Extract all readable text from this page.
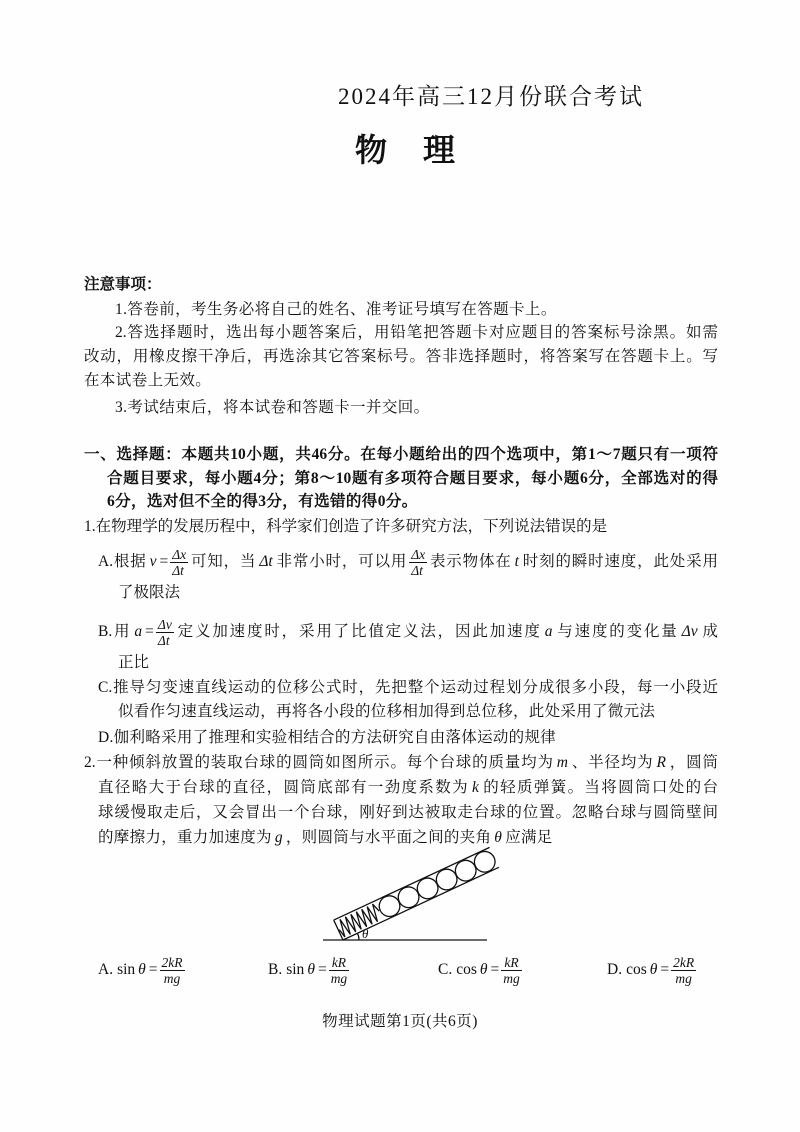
2024年高三12月份联合考试
物理
注意事项：
1.答卷前，考生务必将自己的姓名、准考证号填写在答题卡上。
2.答选择题时，选出每小题答案后，用铅笔把答题卡对应题目的答案标号涂黑。如需
改动，用橡皮擦干净后，再选涂其它答案标号。答非选择题时，将答案写在答题卡上。写
在本试卷上无效。
3.考试结束后，将本试卷和答题卡一并交回。
一、选择题：本题共10小题，共46分。在每小题给出的四个选项中，第1～7题只有一项符
合题目要求，每小题4分；第8～10题有多项符合题目要求，每小题6分，全部选对的得
6分，选对但不全的得3分，有选错的得0分。
1.在物理学的发展历程中，科学家们创造了许多研究方法，下列说法错误的是
A.根据 $v = \frac{\Delta x}{\Delta t}$ 可知，当 Δt 非常小时，可以用 $\frac{\Delta x}{\Delta t}$ 表示物体在 t 时刻的瞬时速度，此处采用
了极限法
B.用 $a = \frac{\Delta v}{\Delta t}$ 定义加速度时，采用了比值定义法，因此加速度 a 与速度的变化量 Δv 成
正比
C.推导匀变速直线运动的位移公式时，先把整个运动过程划分成很多小段，每一小段近
似看作匀速直线运动，再将各小段的位移相加得到总位移，此处采用了微元法
D.伽利略采用了推理和实验相结合的方法研究自由落体运动的规律
2.一种倾斜放置的装取台球的圆筒如图所示。每个台球的质量均为 m 、半径均为 R ，圆筒
直径略大于台球的直径，圆筒底部有一劲度系数为 k 的轻质弹簧。当将圆筒口处的台
球缓慢取走后，又会冒出一个台球，刚好到达被取走台球的位置。忽略台球与圆筒壁间
的摩擦力，重力加速度为 g ，则圆筒与水平面之间的夹角 θ 应满足
θ
A. $\sin \theta = \frac{2kR}{mg}$	B. $\sin \theta = \frac{kR}{mg}$	C. $\cos \theta = \frac{kR}{mg}$	D. $\cos \theta = \frac{2kR}{mg}$
物理试题第1页(共6页)
